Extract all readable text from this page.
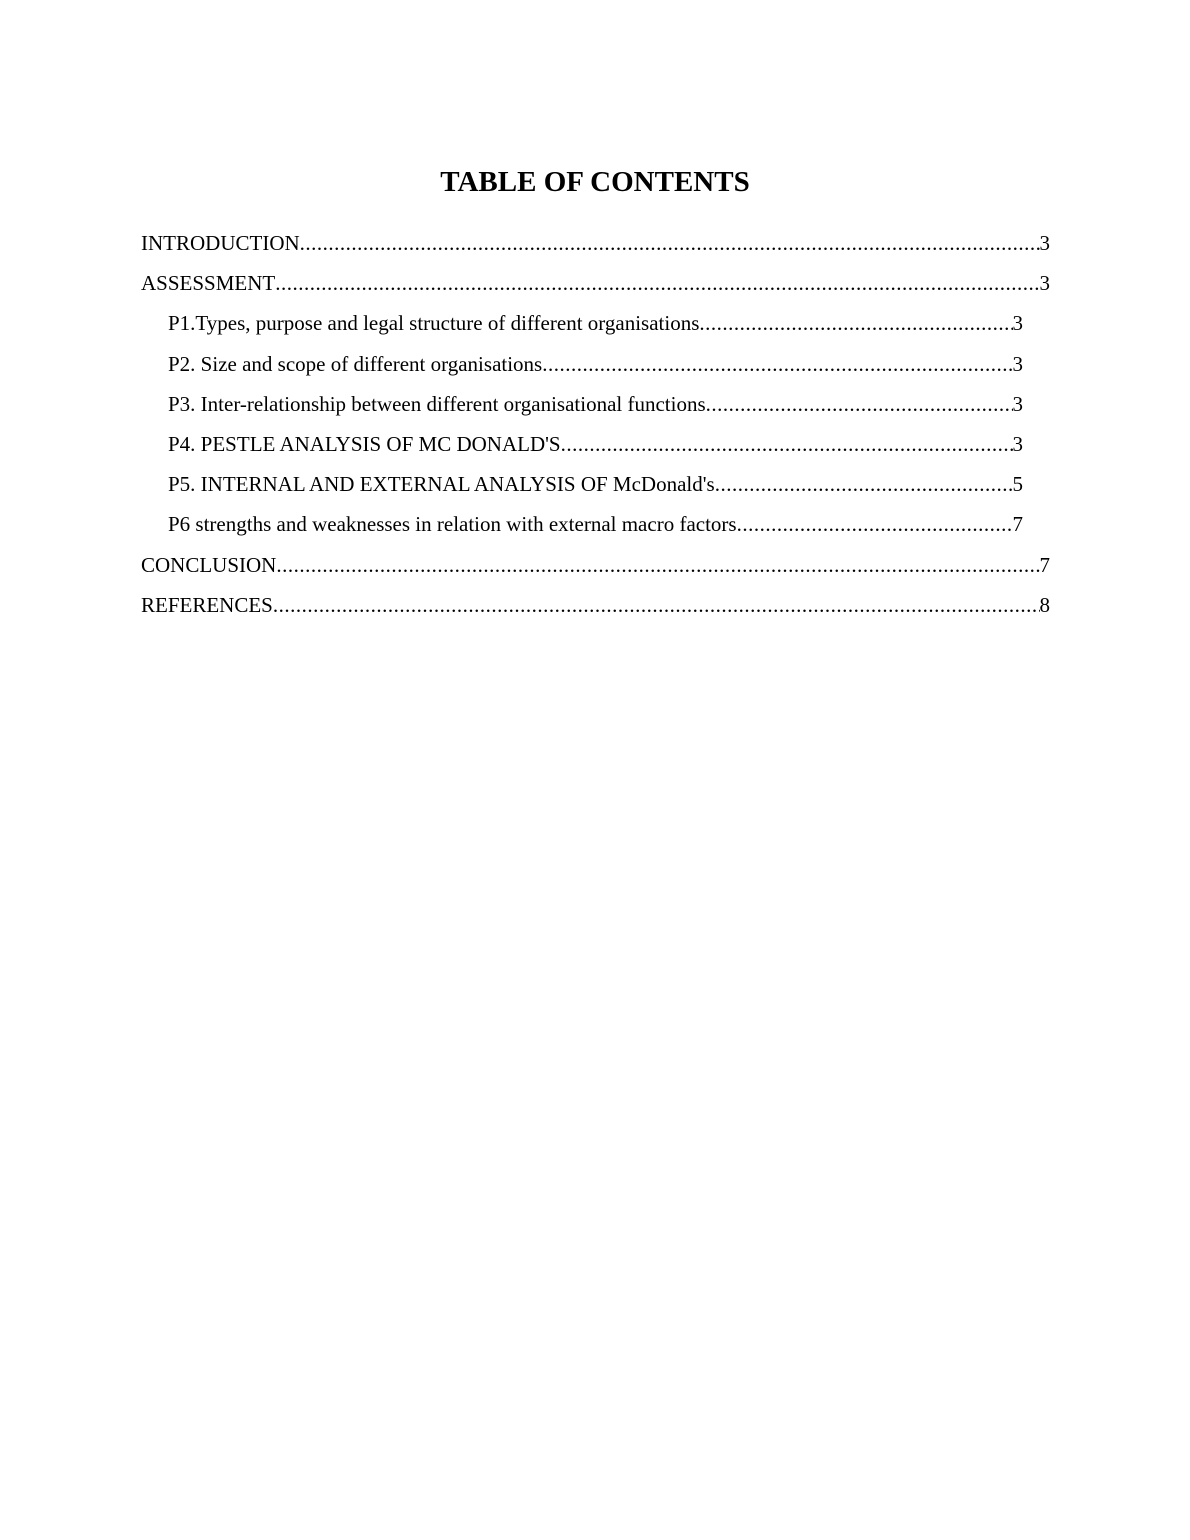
TABLE OF CONTENTS
INTRODUCTION .....	3
ASSESSMENT .....	3
P1.Types, purpose and legal structure of different organisations .....	3
P2. Size and scope of different organisations .....	3
P3. Inter-relationship between different organisational functions .....	3
P4. PESTLE ANALYSIS OF MC DONALD'S .....	3
P5. INTERNAL AND EXTERNAL ANALYSIS OF McDonald's .....	5
P6 strengths and weaknesses in relation with external macro factors .....	7
CONCLUSION .....	7
REFERENCES .....	8
